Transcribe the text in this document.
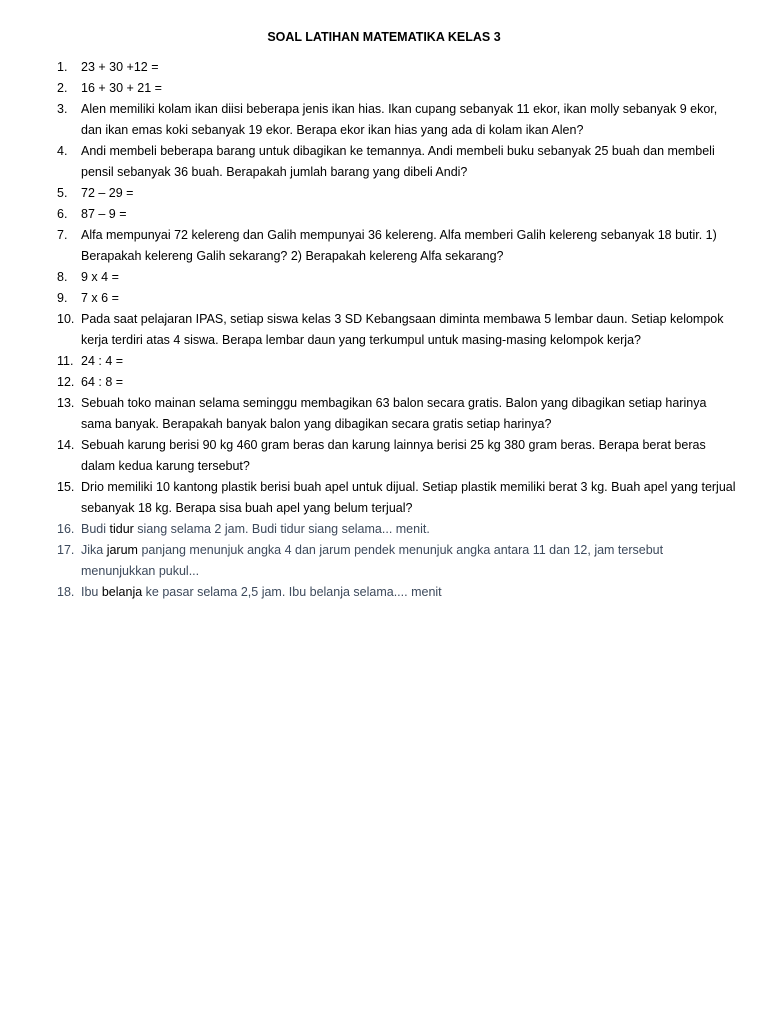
SOAL LATIHAN MATEMATIKA KELAS 3
1. 23 + 30 +12 =
2. 16 + 30 + 21 =
3. Alen memiliki kolam ikan diisi beberapa jenis ikan hias. Ikan cupang sebanyak 11 ekor, ikan molly sebanyak 9 ekor, dan ikan emas koki sebanyak 19 ekor. Berapa ekor ikan hias yang ada di kolam ikan Alen?
4. Andi membeli beberapa barang untuk dibagikan ke temannya. Andi membeli buku sebanyak 25 buah dan membeli pensil sebanyak 36 buah. Berapakah jumlah barang yang dibeli Andi?
5. 72 – 29 =
6. 87 – 9 =
7. Alfa mempunyai 72 kelereng dan Galih mempunyai 36 kelereng. Alfa memberi Galih kelereng sebanyak 18 butir. 1) Berapakah kelereng Galih sekarang? 2) Berapakah kelereng Alfa sekarang?
8. 9 x 4 =
9. 7 x 6 =
10. Pada saat pelajaran IPAS, setiap siswa kelas 3 SD Kebangsaan diminta membawa 5 lembar daun. Setiap kelompok kerja terdiri atas 4 siswa. Berapa lembar daun yang terkumpul untuk masing-masing kelompok kerja?
11. 24 : 4 =
12. 64 : 8 =
13. Sebuah toko mainan selama seminggu membagikan 63 balon secara gratis. Balon yang dibagikan setiap harinya sama banyak. Berapakah banyak balon yang dibagikan secara gratis setiap harinya?
14. Sebuah karung berisi 90 kg 460 gram beras dan karung lainnya berisi 25 kg 380 gram beras. Berapa berat beras dalam kedua karung tersebut?
15. Drio memiliki 10 kantong plastik berisi buah apel untuk dijual. Setiap plastik memiliki berat 3 kg. Buah apel yang terjual sebanyak 18 kg. Berapa sisa buah apel yang belum terjual?
16. Budi tidur siang selama 2 jam. Budi tidur siang selama... menit.
17. Jika jarum panjang menunjuk angka 4 dan jarum pendek menunjuk angka antara 11 dan 12, jam tersebut menunjukkan pukul...
18. Ibu belanja ke pasar selama 2,5 jam. Ibu belanja selama.... menit
